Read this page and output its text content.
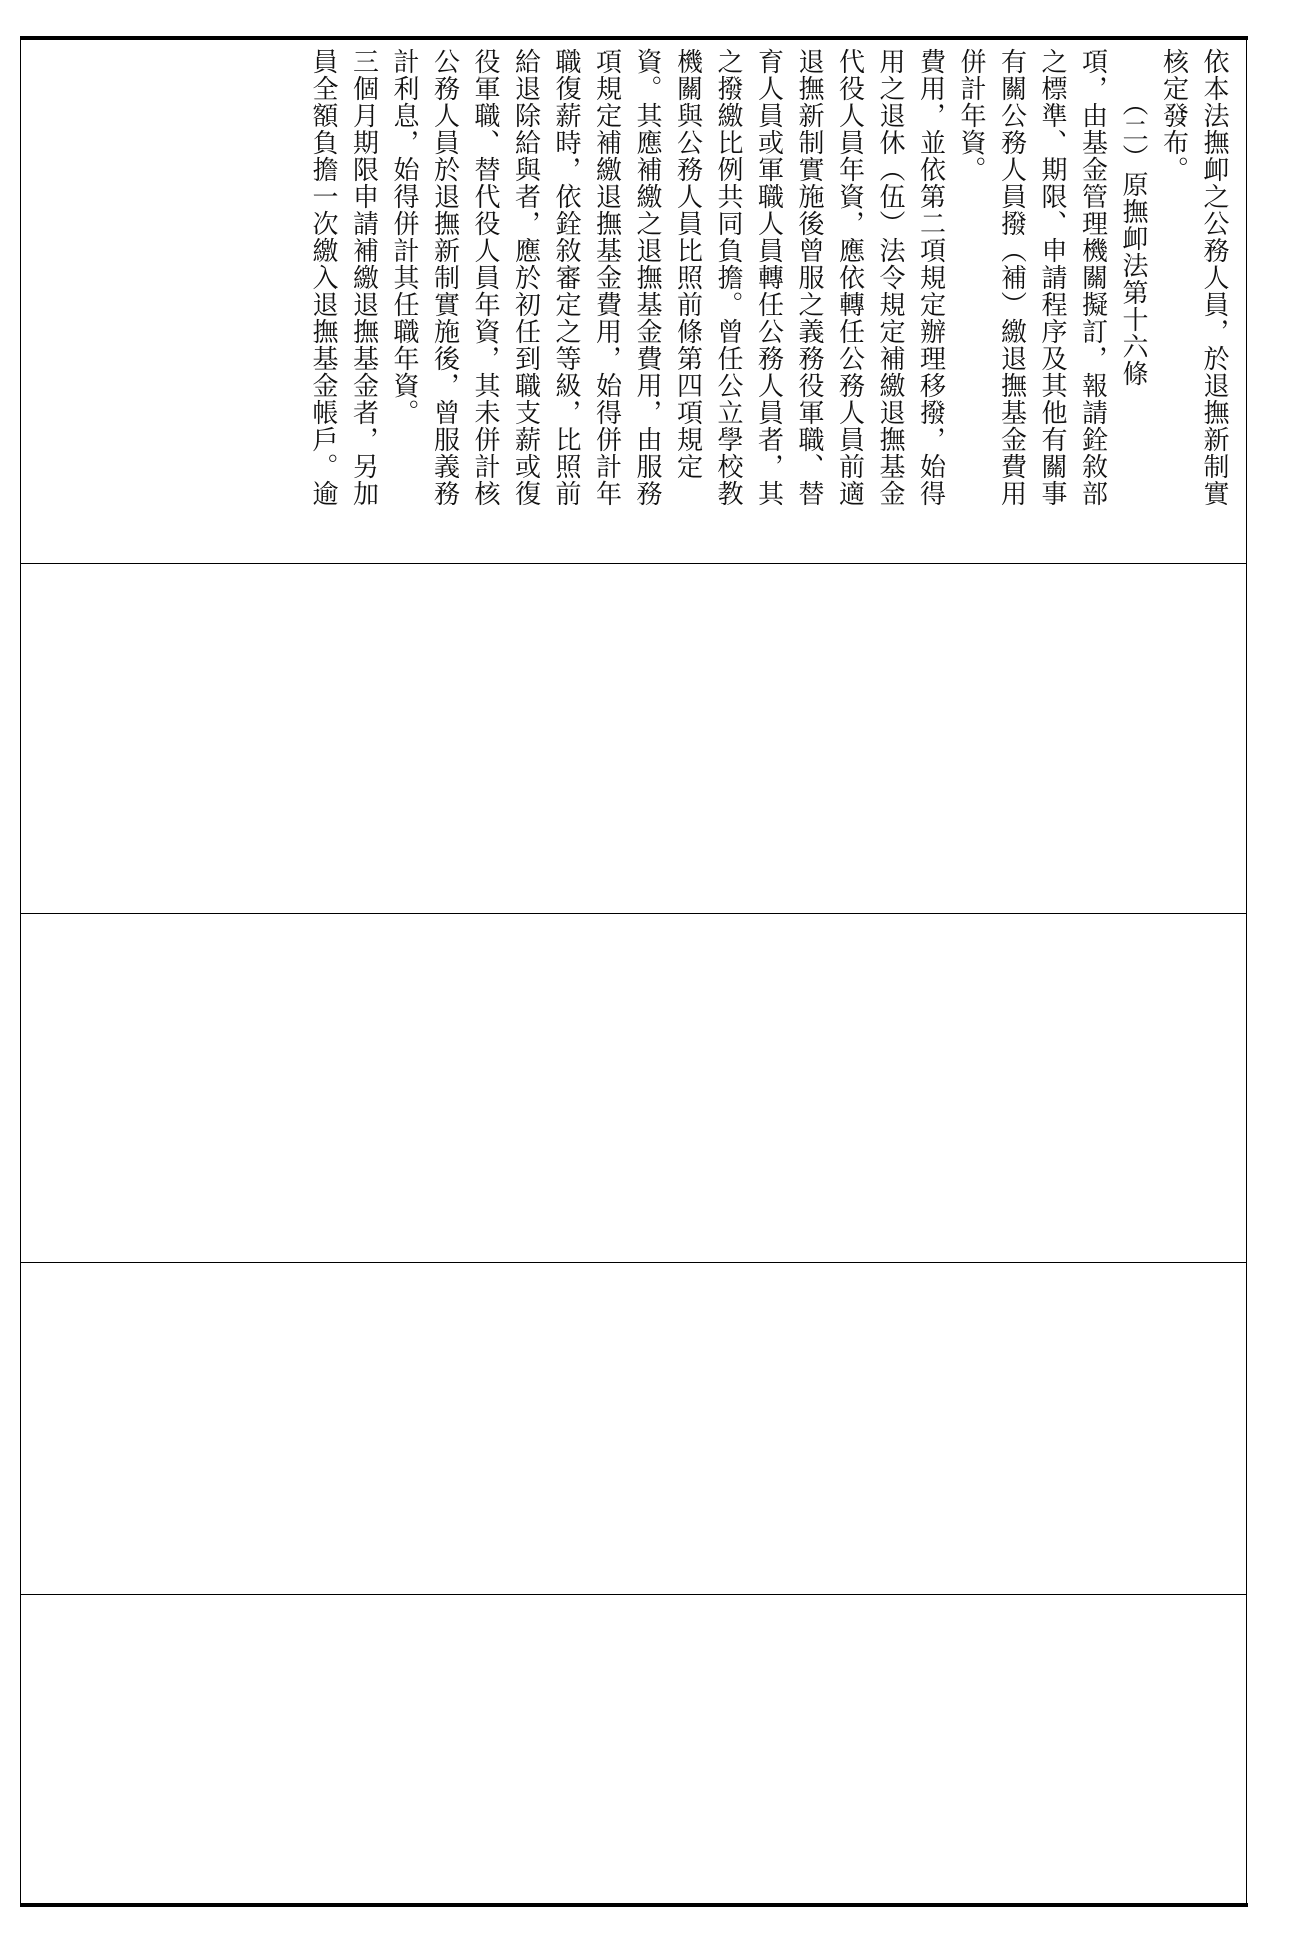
依本法撫卹之公務人員，於退撫新制實
核定發布。
（二）原撫卹法第十六條
項，由基金管理機關擬訂，報請銓敘部
之標準、期限、申請程序及其他有關事
有關公務人員撥（補）繳退撫基金費用
併計年資。
費用，並依第二項規定辦理移撥，始得
用之退休（伍）法令規定補繳退撫基金
代役人員年資，應依轉任公務人員前適
退撫新制實施後曾服之義務役軍職、替
育人員或軍職人員轉任公務人員者，其
之撥繳比例共同負擔。曾任公立學校教
機關與公務人員比照前條第四項規定
資。其應補繳之退撫基金費用，由服務
項規定補繳退撫基金費用，始得併計年
職復薪時，依銓敘審定之等級，比照前
給退除給與者，應於初任到職支薪或復
役軍職、替代役人員年資，其未併計核
公務人員於退撫新制實施後，曾服義務
計利息，始得併計其任職年資。
三個月期限申請補繳退撫基金者，另加
員全額負擔一次繳入退撫基金帳戶。逾
